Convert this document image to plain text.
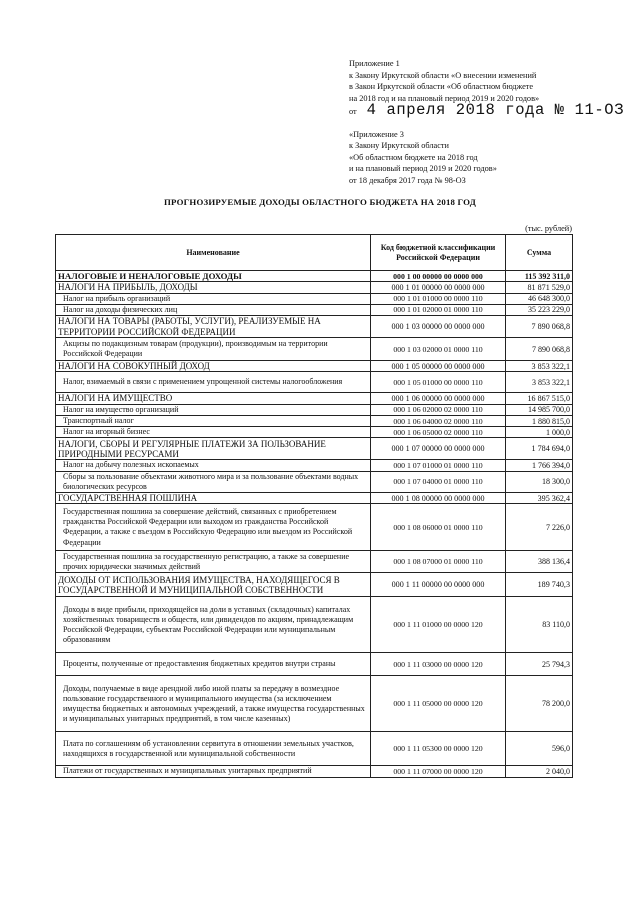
Приложение 1
к Закону Иркутской области «О внесении изменений
в Закон Иркутской области «Об областном бюджете
на 2018 год и на плановый период 2019 и 2020 годов»
от 4 апреля 2018 года № 11-ОЗ
«Приложение 3
к Закону Иркутской области
«Об областном бюджете на 2018 год
и на плановый период 2019 и 2020 годов»
от 18 декабря 2017 года № 98-ОЗ
ПРОГНОЗИРУЕМЫЕ ДОХОДЫ ОБЛАСТНОГО БЮДЖЕТА НА 2018 ГОД
(тыс. рублей)
Наименование	Код бюджетной классификации Российской Федерации	Сумма
НАЛОГОВЫЕ И НЕНАЛОГОВЫЕ ДОХОДЫ	000 1 00 00000 00 0000 000	115 392 311,0
НАЛОГИ НА ПРИБЫЛЬ, ДОХОДЫ	000 1 01 00000 00 0000 000	81 871 529,0
Налог на прибыль организаций	000 1 01 01000 00 0000 110	46 648 300,0
Налог на доходы физических лиц	000 1 01 02000 01 0000 110	35 223 229,0
НАЛОГИ НА ТОВАРЫ (РАБОТЫ, УСЛУГИ), РЕАЛИЗУЕМЫЕ НА ТЕРРИТОРИИ РОССИЙСКОЙ ФЕДЕРАЦИИ	000 1 03 00000 00 0000 000	7 890 068,8
Акцизы по подакцизным товарам (продукции), производимым на территории Российской Федерации	000 1 03 02000 01 0000 110	7 890 068,8
НАЛОГИ НА СОВОКУПНЫЙ ДОХОД	000 1 05 00000 00 0000 000	3 853 322,1
Налог, взимаемый в связи с применением упрощенной системы налогообложения	000 1 05 01000 00 0000 110	3 853 322,1
НАЛОГИ НА ИМУЩЕСТВО	000 1 06 00000 00 0000 000	16 867 515,0
Налог на имущество организаций	000 1 06 02000 02 0000 110	14 985 700,0
Транспортный налог	000 1 06 04000 02 0000 110	1 880 815,0
Налог на игорный бизнес	000 1 06 05000 02 0000 110	1 000,0
НАЛОГИ, СБОРЫ И РЕГУЛЯРНЫЕ ПЛАТЕЖИ ЗА ПОЛЬЗОВАНИЕ ПРИРОДНЫМИ РЕСУРСАМИ	000 1 07 00000 00 0000 000	1 784 694,0
Налог на добычу полезных ископаемых	000 1 07 01000 01 0000 110	1 766 394,0
Сборы за пользование объектами животного мира и за пользование объектами водных биологических ресурсов	000 1 07 04000 01 0000 110	18 300,0
ГОСУДАРСТВЕННАЯ ПОШЛИНА	000 1 08 00000 00 0000 000	395 362,4
Государственная пошлина за совершение действий, связанных с приобретением гражданства Российской Федерации или выходом из гражданства Российской Федерации, а также с въездом в Российскую Федерацию или выездом из Российской Федерации	000 1 08 06000 01 0000 110	7 226,0
Государственная пошлина за государственную регистрацию, а также за совершение прочих юридически значимых действий	000 1 08 07000 01 0000 110	388 136,4
ДОХОДЫ ОТ ИСПОЛЬЗОВАНИЯ ИМУЩЕСТВА, НАХОДЯЩЕГОСЯ В ГОСУДАРСТВЕННОЙ И МУНИЦИПАЛЬНОЙ СОБСТВЕННОСТИ	000 1 11 00000 00 0000 000	189 740,3
Доходы в виде прибыли, приходящейся на доли в уставных (складочных) капиталах хозяйственных товариществ и обществ, или дивидендов по акциям, принадлежащим Российской Федерации, субъектам Российской Федерации или муниципальным образованиям	000 1 11 01000 00 0000 120	83 110,0
Проценты, полученные от предоставления бюджетных кредитов внутри страны	000 1 11 03000 00 0000 120	25 794,3
Доходы, получаемые в виде арендной либо иной платы за передачу в возмездное пользование государственного и муниципального имущества (за исключением имущества бюджетных и автономных учреждений, а также имущества государственных и муниципальных унитарных предприятий, в том числе казенных)	000 1 11 05000 00 0000 120	78 200,0
Плата по соглашениям об установлении сервитута в отношении земельных участков, находящихся в государственной или муниципальной собственности	000 1 11 05300 00 0000 120	596,0
Платежи от государственных и муниципальных унитарных предприятий	000 1 11 07000 00 0000 120	2 040,0
